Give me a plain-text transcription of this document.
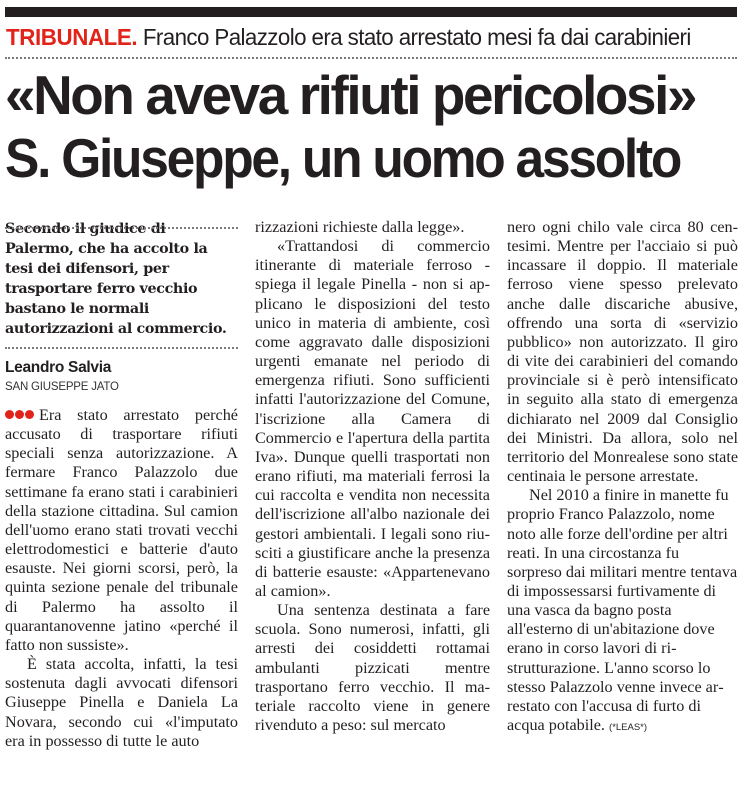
TRIBUNALE. Franco Palazzolo era stato arrestato mesi fa dai carabinieri
«Non aveva rifiuti pericolosi»
S. Giuseppe, un uomo assolto

Secondo il giudice di Palermo, che ha accolto la tesi dei difensori, per trasportare ferro vecchio bastano le normali autorizzazioni al commercio.

Leandro Salvia
SAN GIUSEPPE JATO

Era stato arrestato perché accusato di trasportare rifiuti speciali senza autorizzazione. A fermare Franco Palazzolo due settimane fa erano stati i carabinieri della stazione cittadina. Sul camion dell'uomo erano stati trovati vecchi elettrodomestici e batterie d'auto esauste. Nei giorni scorsi, però, la quinta sezione penale del tribunale di Palermo ha assolto il quarantanovenne jatino «perché il fatto non sussiste».

È stata accolta, infatti, la tesi sostenuta dagli avvocati difensori Giuseppe Pinella e Daniela La Novara, secondo cui «l'imputato era in possesso di tutte le auto

rizzazioni richieste dalla legge».

«Trattandosi di commercio itinerante di materiale ferroso - spiega il legale Pinella - non si applicano le disposizioni del testo unico in materia di ambiente, così come aggravato dalle disposizioni urgenti emanate nel periodo di emergenza rifiuti. Sono sufficienti infatti l'autorizzazione del Comune, l'iscrizione alla Camera di Commercio e l'apertura della partita Iva». Dunque quelli trasportati non erano rifiuti, ma materiali ferrosi la cui raccolta e vendita non necessita dell'iscrizione all'albo nazionale dei gestori ambientali. I legali sono riusciti a giustificare anche la presenza di batterie esauste: «Appartenevano al camion».

Una sentenza destinata a fare scuola. Sono numerosi, infatti, gli arresti dei cosiddetti rottamai ambulanti pizzicati mentre trasportano ferro vecchio. Il materiale raccolto viene in genere rivenduto a peso: sul mercato

nero ogni chilo vale circa 80 centesimi. Mentre per l'acciaio si può incassare il doppio. Il materiale ferroso viene spesso prelevato anche dalle discariche abusive, offrendo una sorta di «servizio pubblico» non autorizzato. Il giro di vite dei carabinieri del comando provinciale si è però intensificato in seguito alla stato di emergenza dichiarato nel 2009 dal Consiglio dei Ministri. Da allora, solo nel territorio del Monrealese sono state centinaia le persone arrestate.

Nel 2010 a finire in manette fu proprio Franco Palazzolo, nome noto alle forze dell'ordine per altri reati. In una circostanza fu sorpreso dai militari mentre tentava di impossessarsi furtivamente di una vasca da bagno posta all'esterno di un'abitazione dove erano in corso lavori di ristrutturazione. L'anno scorso lo stesso Palazzolo venne invece arrestato con l'accusa di furto di acqua potabile. (*LEAS*)
